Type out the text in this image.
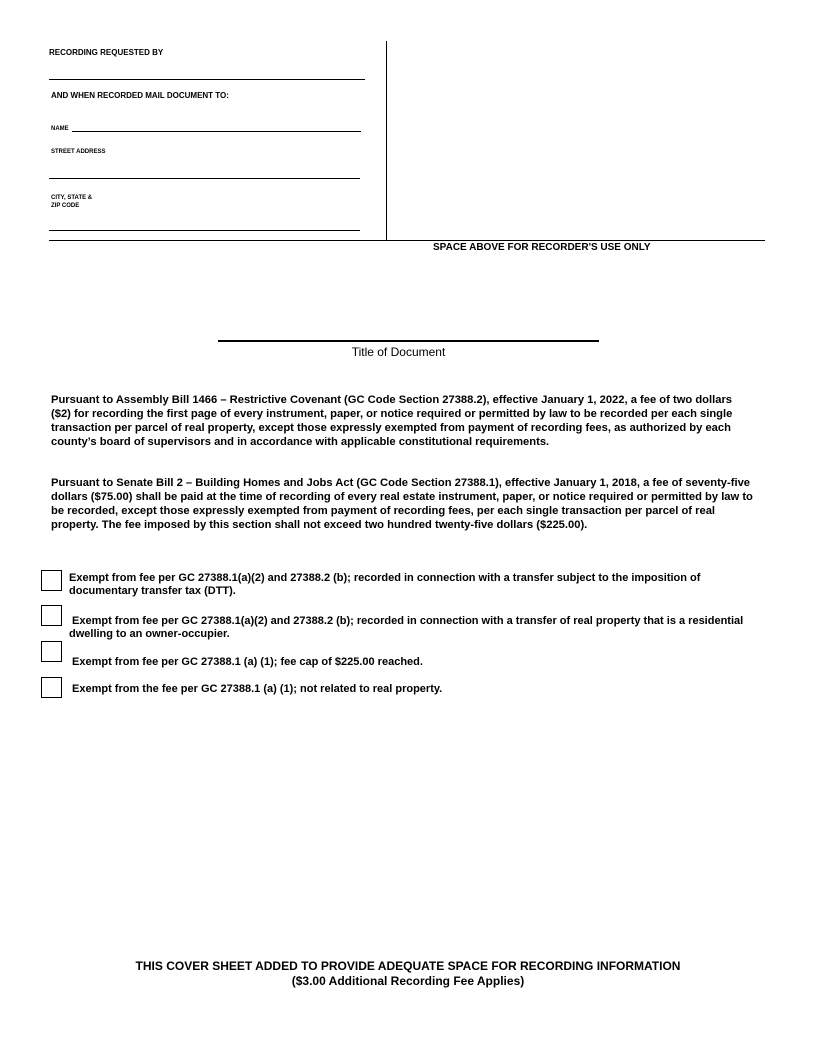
RECORDING REQUESTED BY
AND WHEN RECORDED MAIL DOCUMENT TO:
NAME
STREET ADDRESS
CITY, STATE &
ZIP CODE
SPACE ABOVE FOR RECORDER'S USE ONLY
Title of Document
Pursuant to Assembly Bill 1466 – Restrictive Covenant (GC Code Section 27388.2), effective January 1, 2022, a fee of two dollars ($2) for recording the first page of every instrument, paper, or notice required or permitted by law to be recorded per each single transaction per parcel of real property, except those expressly exempted from payment of recording fees, as authorized by each county’s board of supervisors and in accordance with applicable constitutional requirements.
Pursuant to Senate Bill 2 – Building Homes and Jobs Act (GC Code Section 27388.1), effective January 1, 2018, a fee of seventy-five dollars ($75.00) shall be paid at the time of recording of every real estate instrument, paper, or notice required or permitted by law to be recorded, except those expressly exempted from payment of recording fees, per each single transaction per parcel of real property. The fee imposed by this section shall not exceed two hundred twenty-five dollars ($225.00).
Exempt from fee per GC 27388.1(a)(2) and 27388.2 (b); recorded in connection with a transfer subject to the imposition of documentary transfer tax (DTT).
Exempt from fee per GC 27388.1(a)(2) and 27388.2 (b); recorded in connection with a transfer of real property that is a residential dwelling to an owner-occupier.
Exempt from fee per GC 27388.1 (a) (1); fee cap of $225.00 reached.
Exempt from the fee per GC 27388.1 (a) (1); not related to real property.
THIS COVER SHEET ADDED TO PROVIDE ADEQUATE SPACE FOR RECORDING INFORMATION
($3.00 Additional Recording Fee Applies)
